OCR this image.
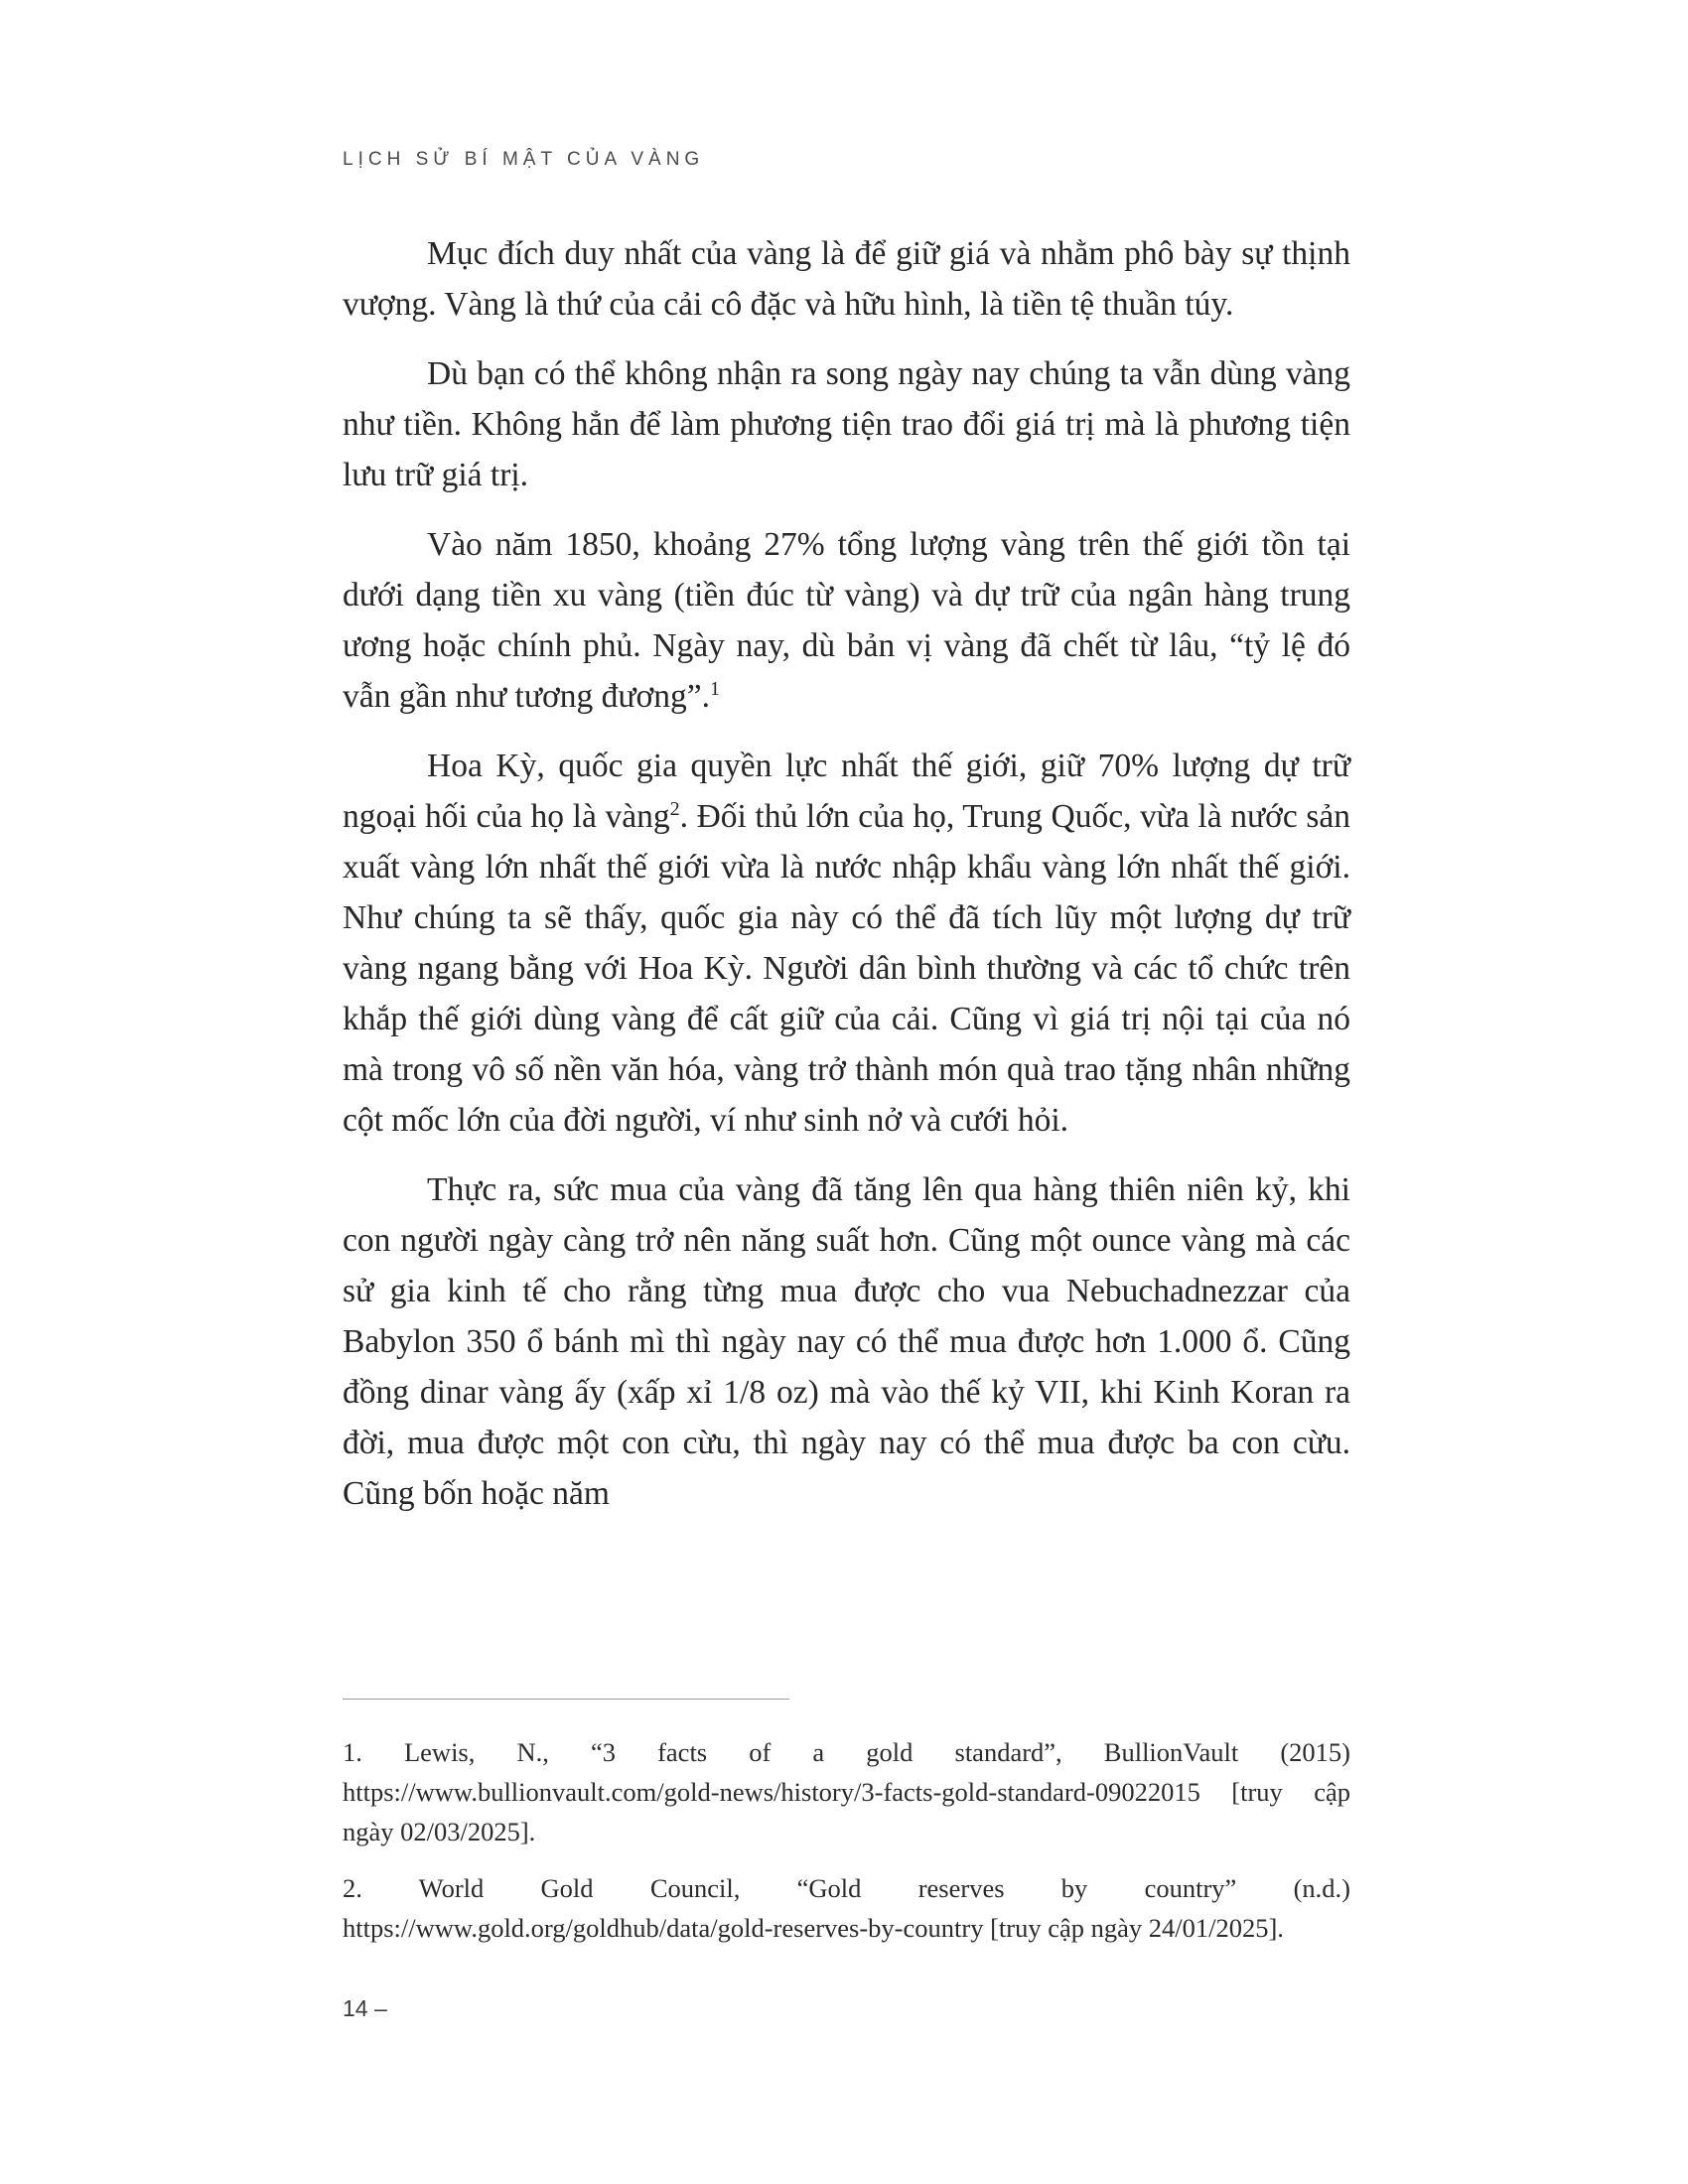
LỊCH SỬ BÍ MẬT CỦA VÀNG

Mục đích duy nhất của vàng là để giữ giá và nhằm phô bày sự thịnh vượng. Vàng là thứ của cải cô đặc và hữu hình, là tiền tệ thuần túy.

Dù bạn có thể không nhận ra song ngày nay chúng ta vẫn dùng vàng như tiền. Không hẳn để làm phương tiện trao đổi giá trị mà là phương tiện lưu trữ giá trị.

Vào năm 1850, khoảng 27% tổng lượng vàng trên thế giới tồn tại dưới dạng tiền xu vàng (tiền đúc từ vàng) và dự trữ của ngân hàng trung ương hoặc chính phủ. Ngày nay, dù bản vị vàng đã chết từ lâu, “tỷ lệ đó vẫn gần như tương đương”.$^1$

Hoa Kỳ, quốc gia quyền lực nhất thế giới, giữ 70% lượng dự trữ ngoại hối của họ là vàng$^2$. Đối thủ lớn của họ, Trung Quốc, vừa là nước sản xuất vàng lớn nhất thế giới vừa là nước nhập khẩu vàng lớn nhất thế giới. Như chúng ta sẽ thấy, quốc gia này có thể đã tích lũy một lượng dự trữ vàng ngang bằng với Hoa Kỳ. Người dân bình thường và các tổ chức trên khắp thế giới dùng vàng để cất giữ của cải. Cũng vì giá trị nội tại của nó mà trong vô số nền văn hóa, vàng trở thành món quà trao tặng nhân những cột mốc lớn của đời người, ví như sinh nở và cưới hỏi.

Thực ra, sức mua của vàng đã tăng lên qua hàng thiên niên kỷ, khi con người ngày càng trở nên năng suất hơn. Cũng một ounce vàng mà các sử gia kinh tế cho rằng từng mua được cho vua Nebuchadnezzar của Babylon 350 ổ bánh mì thì ngày nay có thể mua được hơn 1.000 ổ. Cũng đồng dinar vàng ấy (xấp xỉ 1/8 oz) mà vào thế kỷ VII, khi Kinh Koran ra đời, mua được một con cừu, thì ngày nay có thể mua được ba con cừu. Cũng bốn hoặc năm

1. Lewis, N., “3 facts of a gold standard”, BullionVault (2015) https://www.bullionvault.com/gold-news/history/3-facts-gold-standard-09022015 [truy cập ngày 02/03/2025].

2. World Gold Council, “Gold reserves by country” (n.d.) https://www.gold.org/goldhub/data/gold-reserves-by-country [truy cập ngày 24/01/2025].

14 –
